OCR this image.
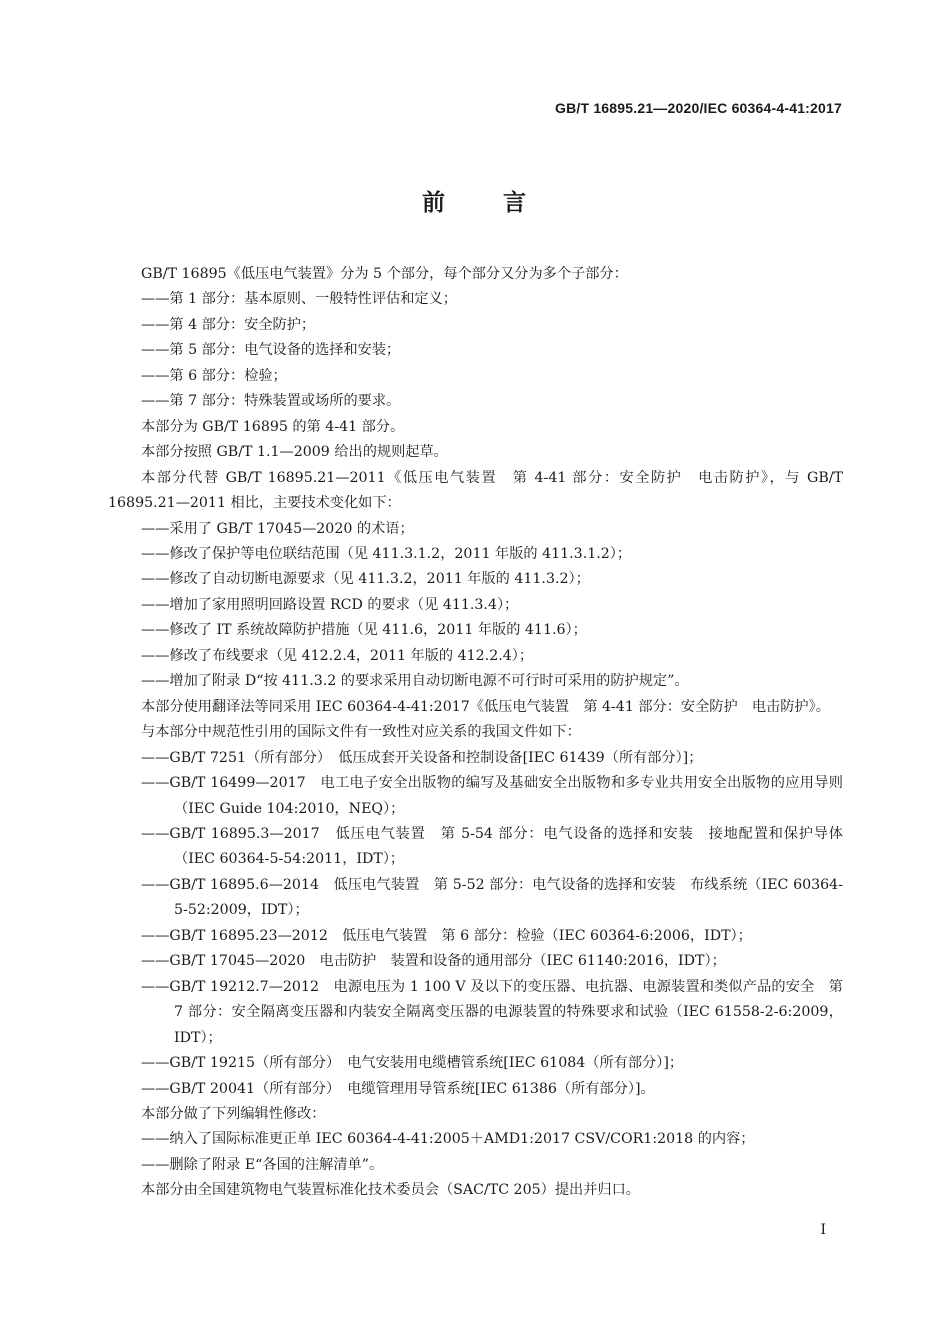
GB/T 16895.21—2020/IEC 60364-4-41:2017
前 言

GB/T 16895《低压电气装置》分为 5 个部分，每个部分又分为多个子部分：

——第 1 部分：基本原则、一般特性评估和定义；

——第 4 部分：安全防护；

——第 5 部分：电气设备的选择和安装；

——第 6 部分：检验；

——第 7 部分：特殊装置或场所的要求。

本部分为 GB/T 16895 的第 4-41 部分。

本部分按照 GB/T 1.1—2009 给出的规则起草。

本部分代替 GB/T 16895.21—2011《低压电气装置　第 4-41 部分：安全防护　电击防护》，与 GB/T 16895.21—2011 相比，主要技术变化如下：

——采用了 GB/T 17045—2020 的术语；

——修改了保护等电位联结范围（见 411.3.1.2，2011 年版的 411.3.1.2）；

——修改了自动切断电源要求（见 411.3.2，2011 年版的 411.3.2）；

——增加了家用照明回路设置 RCD 的要求（见 411.3.4）；

——修改了 IT 系统故障防护措施（见 411.6，2011 年版的 411.6）；

——修改了布线要求（见 412.2.4，2011 年版的 412.2.4）；

——增加了附录 D“按 411.3.2 的要求采用自动切断电源不可行时可采用的防护规定”。

本部分使用翻译法等同采用 IEC 60364-4-41:2017《低压电气装置　第 4-41 部分：安全防护　电击防护》。

与本部分中规范性引用的国际文件有一致性对应关系的我国文件如下：

——GB/T 7251（所有部分）　低压成套开关设备和控制设备[IEC 61439（所有部分）]；

——GB/T 16499—2017　电工电子安全出版物的编写及基础安全出版物和多专业共用安全出版物的应用导则（IEC Guide 104:2010，NEQ）；

——GB/T 16895.3—2017　低压电气装置　第 5-54 部分：电气设备的选择和安装　接地配置和保护导体（IEC 60364-5-54:2011，IDT）；

——GB/T 16895.6—2014　低压电气装置　第 5-52 部分：电气设备的选择和安装　布线系统（IEC 60364-5-52:2009，IDT）；

——GB/T 16895.23—2012　低压电气装置　第 6 部分：检验（IEC 60364-6:2006，IDT）；

——GB/T 17045—2020　电击防护　装置和设备的通用部分（IEC 61140:2016，IDT）；

——GB/T 19212.7—2012　电源电压为 1 100 V 及以下的变压器、电抗器、电源装置和类似产品的安全　第 7 部分：安全隔离变压器和内装安全隔离变压器的电源装置的特殊要求和试验（IEC 61558-2-6:2009，IDT）；

——GB/T 19215（所有部分）　电气安装用电缆槽管系统[IEC 61084（所有部分）]；

——GB/T 20041（所有部分）　电缆管理用导管系统[IEC 61386（所有部分）]。

本部分做了下列编辑性修改：

——纳入了国际标准更正单 IEC 60364-4-41:2005＋AMD1:2017 CSV/COR1:2018 的内容；

——删除了附录 E“各国的注解清单”。

本部分由全国建筑物电气装置标准化技术委员会（SAC/TC 205）提出并归口。

I
